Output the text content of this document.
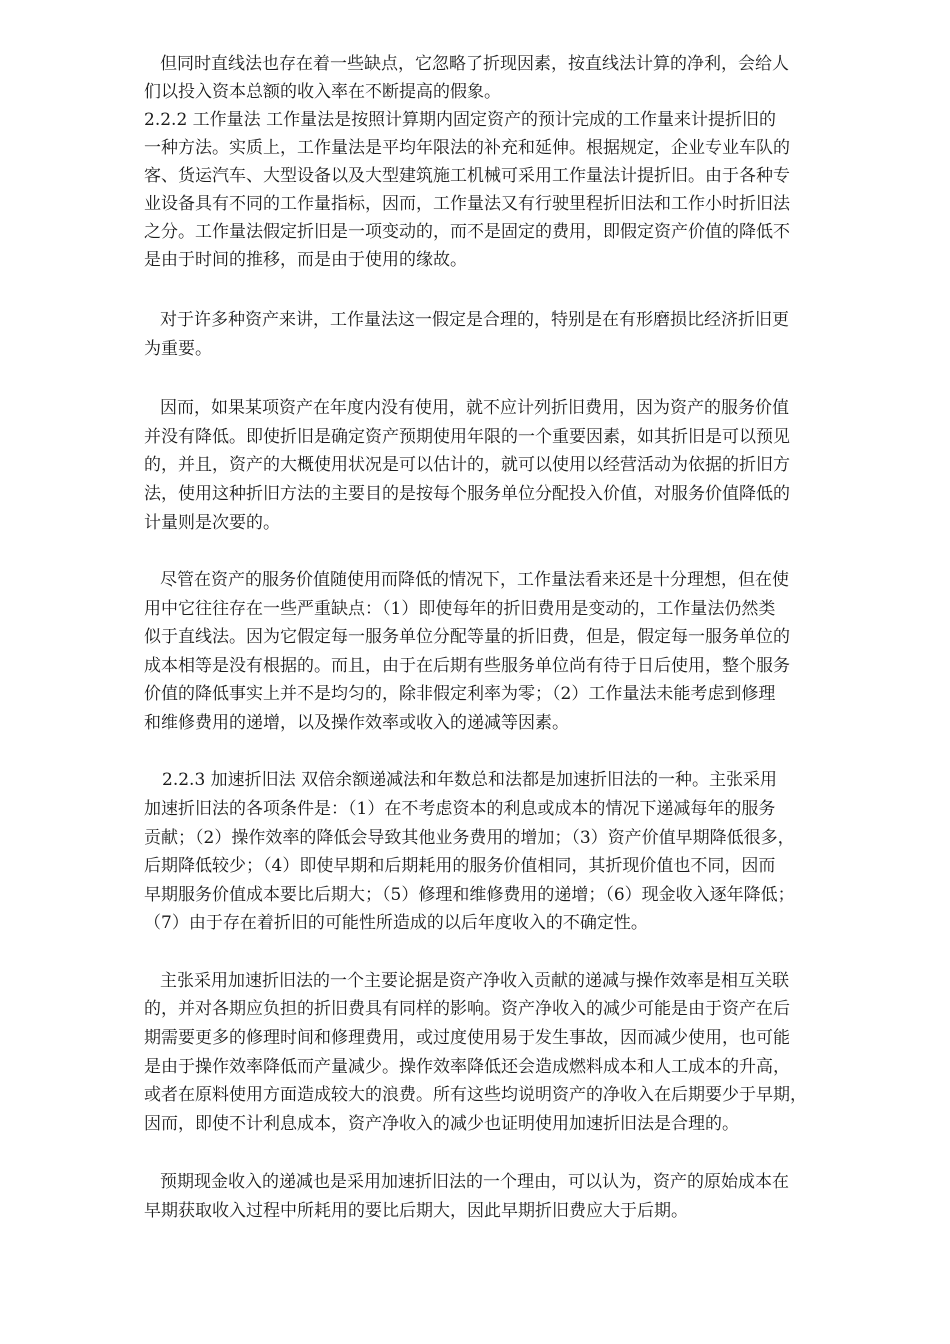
但同时直线法也存在着一些缺点，它忽略了折现因素，按直线法计算的净利，会给人
们以投入资本总额的收入率在不断提高的假象。
2.2.2 工作量法 工作量法是按照计算期内固定资产的预计完成的工作量来计提折旧的
一种方法。实质上，工作量法是平均年限法的补充和延伸。根据规定，企业专业车队的
客、货运汽车、大型设备以及大型建筑施工机械可采用工作量法计提折旧。由于各种专
业设备具有不同的工作量指标，因而，工作量法又有行驶里程折旧法和工作小时折旧法
之分。工作量法假定折旧是一项变动的，而不是固定的费用，即假定资产价值的降低不
是由于时间的推移，而是由于使用的缘故。
对于许多种资产来讲，工作量法这一假定是合理的，特别是在有形磨损比经济折旧更
为重要。
因而，如果某项资产在年度内没有使用，就不应计列折旧费用，因为资产的服务价值
并没有降低。即使折旧是确定资产预期使用年限的一个重要因素，如其折旧是可以预见
的，并且，资产的大概使用状况是可以估计的，就可以使用以经营活动为依据的折旧方
法，使用这种折旧方法的主要目的是按每个服务单位分配投入价值，对服务价值降低的
计量则是次要的。
尽管在资产的服务价值随使用而降低的情况下，工作量法看来还是十分理想，但在使
用中它往往存在一些严重缺点：（1）即使每年的折旧费用是变动的，工作量法仍然类
似于直线法。因为它假定每一服务单位分配等量的折旧费，但是，假定每一服务单位的
成本相等是没有根据的。而且，由于在后期有些服务单位尚有待于日后使用，整个服务
价值的降低事实上并不是均匀的，除非假定利率为零；（2）工作量法未能考虑到修理
和维修费用的递增，以及操作效率或收入的递减等因素。
2.2.3 加速折旧法 双倍余额递减法和年数总和法都是加速折旧法的一种。主张采用
加速折旧法的各项条件是：（1）在不考虑资本的利息或成本的情况下递减每年的服务
贡献；（2）操作效率的降低会导致其他业务费用的增加；（3）资产价值早期降低很多，
后期降低较少；（4）即使早期和后期耗用的服务价值相同，其折现价值也不同，因而
早期服务价值成本要比后期大；（5）修理和维修费用的递增；（6）现金收入逐年降低；
（7）由于存在着折旧的可能性所造成的以后年度收入的不确定性。
主张采用加速折旧法的一个主要论据是资产净收入贡献的递减与操作效率是相互关联
的，并对各期应负担的折旧费具有同样的影响。资产净收入的减少可能是由于资产在后
期需要更多的修理时间和修理费用，或过度使用易于发生事故，因而减少使用，也可能
是由于操作效率降低而产量减少。操作效率降低还会造成燃料成本和人工成本的升高，
或者在原料使用方面造成较大的浪费。所有这些均说明资产的净收入在后期要少于早期，
因而，即使不计利息成本，资产净收入的减少也证明使用加速折旧法是合理的。
预期现金收入的递减也是采用加速折旧法的一个理由，可以认为，资产的原始成本在
早期获取收入过程中所耗用的要比后期大，因此早期折旧费应大于后期。
